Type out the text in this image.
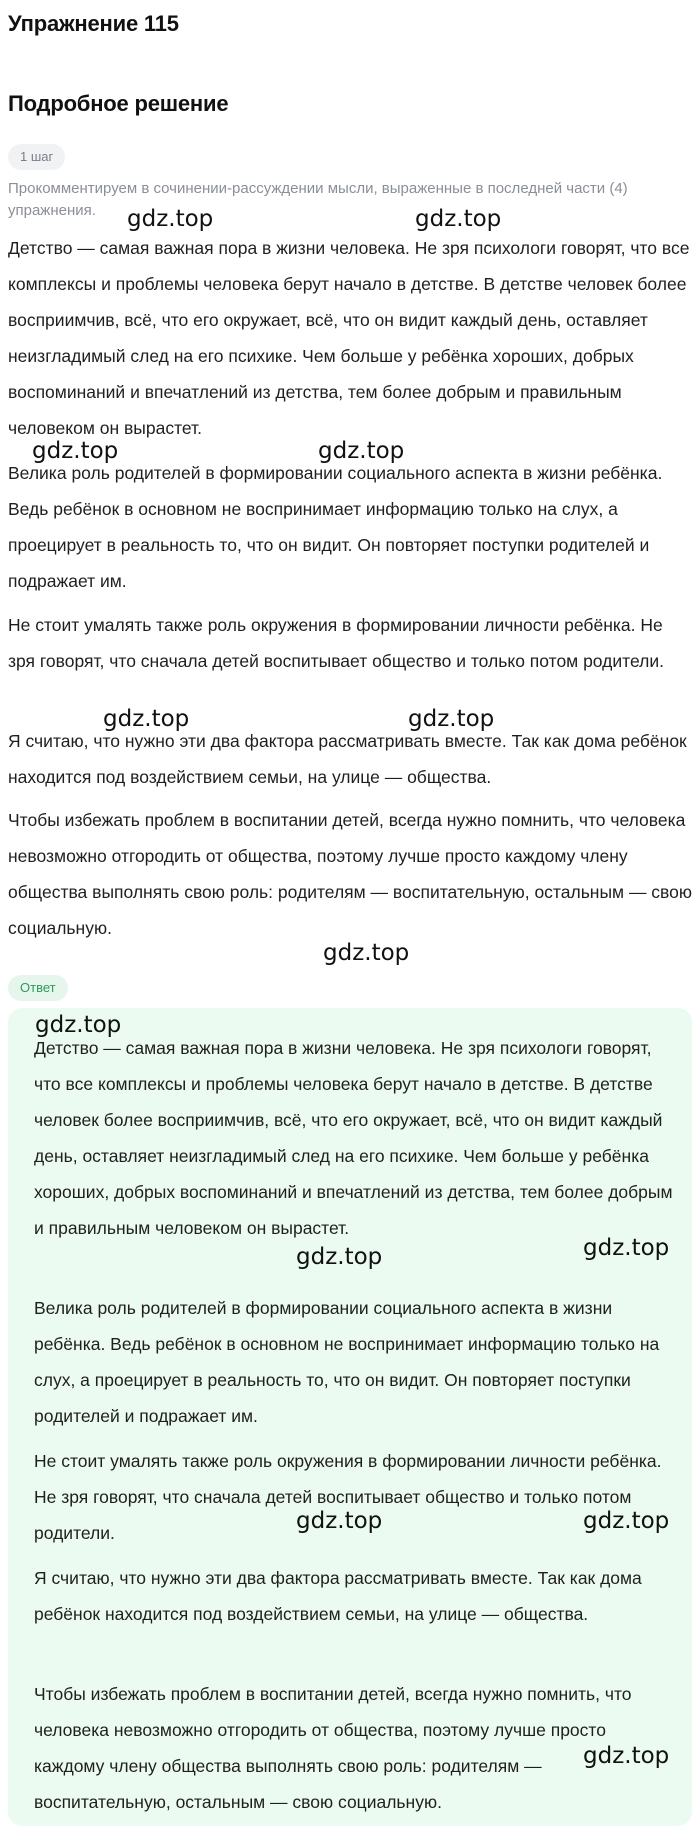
Упражнение 115
Подробное решение
1 шаг
Прокомментируем в сочинении-рассуждении мысли, выраженные в последней части (4) упражнения.

Детство — самая важная пора в жизни человека. Не зря психологи говорят, что все комплексы и проблемы человека берут начало в детстве. В детстве человек более восприимчив, всё, что его окружает, всё, что он видит каждый день, оставляет неизгладимый след на его психике. Чем больше у ребёнка хороших, добрых воспоминаний и впечатлений из детства, тем более добрым и правильным человеком он вырастет.

Велика роль родителей в формировании социального аспекта в жизни ребёнка. Ведь ребёнок в основном не воспринимает информацию только на слух, а проецирует в реальность то, что он видит. Он повторяет поступки родителей и подражает им.

Не стоит умалять также роль окружения в формировании личности ребёнка. Не зря говорят, что сначала детей воспитывает общество и только потом родители.

Я считаю, что нужно эти два фактора рассматривать вместе. Так как дома ребёнок находится под воздействием семьи, на улице — общества.

Чтобы избежать проблем в воспитании детей, всегда нужно помнить, что человека невозможно отгородить от общества, поэтому лучше просто каждому члену общества выполнять свою роль: родителям — воспитательную, остальным — свою социальную.

Ответ

Детство — самая важная пора в жизни человека. Не зря психологи говорят, что все комплексы и проблемы человека берут начало в детстве. В детстве человек более восприимчив, всё, что его окружает, всё, что он видит каждый день, оставляет неизгладимый след на его психике. Чем больше у ребёнка хороших, добрых воспоминаний и впечатлений из детства, тем более добрым и правильным человеком он вырастет.

Велика роль родителей в формировании социального аспекта в жизни ребёнка. Ведь ребёнок в основном не воспринимает информацию только на слух, а проецирует в реальность то, что он видит. Он повторяет поступки родителей и подражает им.

Не стоит умалять также роль окружения в формировании личности ребёнка. Не зря говорят, что сначала детей воспитывает общество и только потом родители.

Я считаю, что нужно эти два фактора рассматривать вместе. Так как дома ребёнок находится под воздействием семьи, на улице — общества.

Чтобы избежать проблем в воспитании детей, всегда нужно помнить, что человека невозможно отгородить от общества, поэтому лучше просто каждому члену общества выполнять свою роль: родителям — воспитательную, остальным — свою социальную.

gdz.top	gdz.top
gdz.top	gdz.top
gdz.top	gdz.top
gdz.top
gdz.top
gdz.top	gdz.top
gdz.top	gdz.top
gdz.top
